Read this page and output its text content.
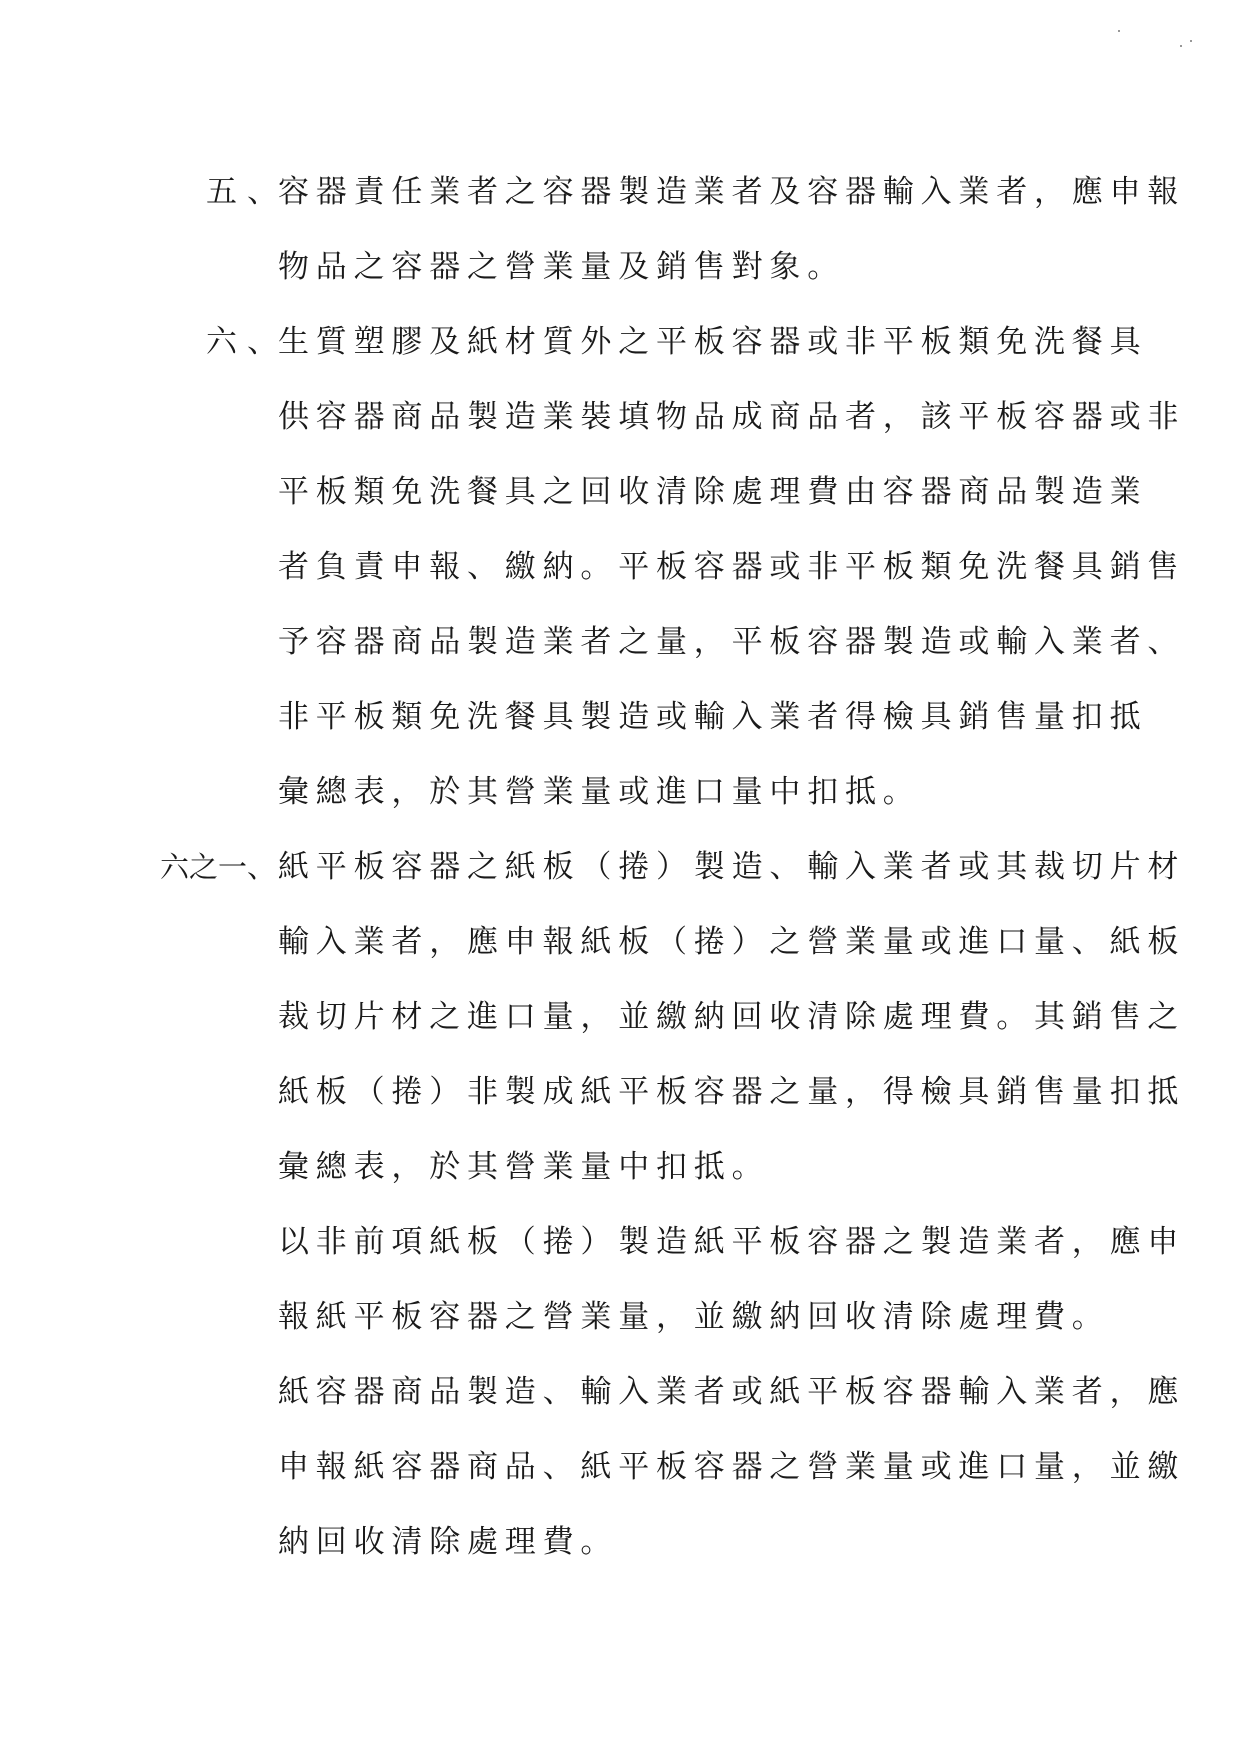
五、
容器責任業者之容器製造業者及容器輸入業者，應申報
物品之容器之營業量及銷售對象。
六、
生質塑膠及紙材質外之平板容器或非平板類免洗餐具
供容器商品製造業裝填物品成商品者，該平板容器或非
平板類免洗餐具之回收清除處理費由容器商品製造業
者負責申報、繳納。平板容器或非平板類免洗餐具銷售
予容器商品製造業者之量，平板容器製造或輸入業者、
非平板類免洗餐具製造或輸入業者得檢具銷售量扣抵
彙總表，於其營業量或進口量中扣抵。
六之一、 紙平板容器之紙板（捲）製造、輸入業者或其裁切片材
輸入業者，應申報紙板（捲）之營業量或進口量、紙板
裁切片材之進口量，並繳納回收清除處理費。其銷售之
紙板（捲）非製成紙平板容器之量，得檢具銷售量扣抵
彙總表，於其營業量中扣抵。
以非前項紙板（捲）製造紙平板容器之製造業者，應申
報紙平板容器之營業量，並繳納回收清除處理費。
紙容器商品製造、輸入業者或紙平板容器輸入業者，應
申報紙容器商品、紙平板容器之營業量或進口量，並繳
納回收清除處理費。
